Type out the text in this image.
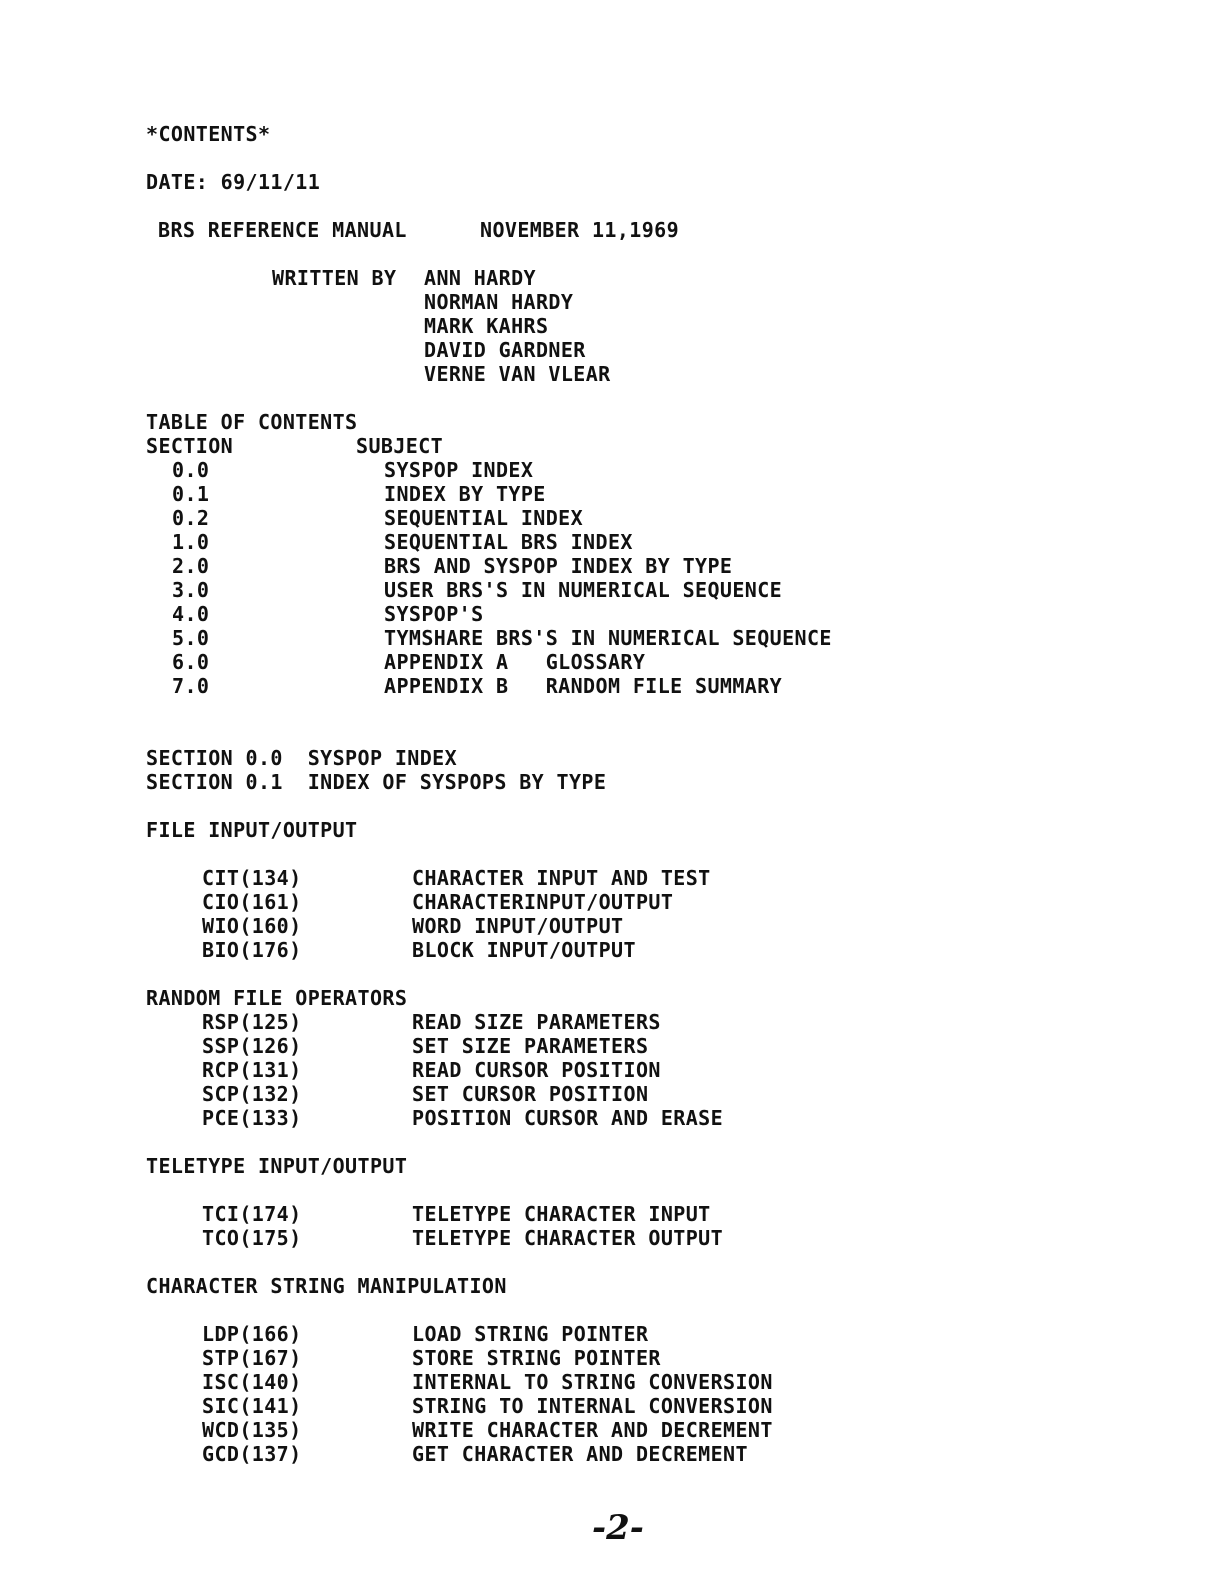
*CONTENTS*
DATE: 69/11/11
BRS REFERENCE MANUAL	NOVEMBER 11,1969
WRITTEN BY ANN HARDY
NORMAN HARDY
MARK KAHRS
DAVID GARDNER
VERNE VAN VLEAR
TABLE OF CONTENTS
SECTION	SUBJECT
0.0	SYSPOP INDEX
0.1	INDEX BY TYPE
0.2	SEQUENTIAL INDEX
1.0	SEQUENTIAL BRS INDEX
2.0	BRS AND SYSPOP INDEX BY TYPE
3.0	USER BRS'S IN NUMERICAL SEQUENCE
4.0	SYSPOP'S
5.0	TYMSHARE BRS'S IN NUMERICAL SEQUENCE
6.0	APPENDIX A   GLOSSARY
7.0	APPENDIX B   RANDOM FILE SUMMARY
SECTION 0.0  SYSPOP INDEX
SECTION 0.1  INDEX OF SYSPOPS BY TYPE
FILE INPUT/OUTPUT
CIT(134)	CHARACTER INPUT AND TEST
CIO(161)	CHARACTERINPUT/OUTPUT
WIO(160)	WORD INPUT/OUTPUT
BIO(176)	BLOCK INPUT/OUTPUT
RANDOM FILE OPERATORS
RSP(125)	READ SIZE PARAMETERS
SSP(126)	SET SIZE PARAMETERS
RCP(131)	READ CURSOR POSITION
SCP(132)	SET CURSOR POSITION
PCE(133)	POSITION CURSOR AND ERASE
TELETYPE INPUT/OUTPUT
TCI(174)	TELETYPE CHARACTER INPUT
TCO(175)	TELETYPE CHARACTER OUTPUT
CHARACTER STRING MANIPULATION
LDP(166)	LOAD STRING POINTER
STP(167)	STORE STRING POINTER
ISC(140)	INTERNAL TO STRING CONVERSION
SIC(141)	STRING TO INTERNAL CONVERSION
WCD(135)	WRITE CHARACTER AND DECREMENT
GCD(137)	GET CHARACTER AND DECREMENT
-2-
